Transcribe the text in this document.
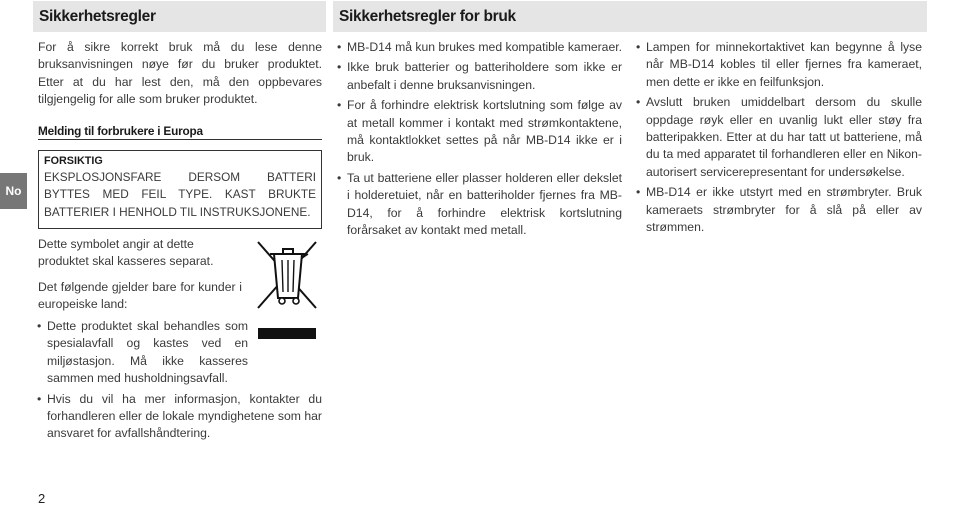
Sikkerhetsregler	Sikkerhetsregler for bruk
No

For å sikre korrekt bruk må du lese denne bruksanvisningen nøye før du bruker produktet. Etter at du har lest den, må den oppbevares tilgjengelig for alle som bruker produktet.

Melding til forbrukere i Europa
FORSIKTIG
EKSPLOSJONSFARE DERSOM BATTERI BYTTES MED FEIL TYPE. KAST BRUKTE BATTERIER I HENHOLD TIL INSTRUKSJONENE.

Dette symbolet angir at dette produktet skal kasseres separat.

Det følgende gjelder bare for kunder i europeiske land:

• Dette produktet skal behandles som spesialavfall og kastes ved en miljøstasjon. Må ikke kasseres sammen med husholdningsavfall.
• Hvis du vil ha mer informasjon, kontakter du forhandleren eller de lokale myndighetene som har ansvaret for avfallshåndtering.
• MB-D14 må kun brukes med kompatible kameraer.
• Ikke bruk batterier og batteriholdere som ikke er anbefalt i denne bruksanvisningen.
• For å forhindre elektrisk kortslutning som følge av at metall kommer i kontakt med strømkontaktene, må kontaktlokket settes på når MB-D14 ikke er i bruk.
• Ta ut batteriene eller plasser holderen eller dekslet i holderetuiet, når en batteriholder fjernes fra MB-D14, for å forhindre elektrisk kortslutning forårsaket av kontakt med metall.
• Lampen for minnekortaktivet kan begynne å lyse når MB-D14 kobles til eller fjernes fra kameraet, men dette er ikke en feilfunksjon.
• Avslutt bruken umiddelbart dersom du skulle oppdage røyk eller en uvanlig lukt eller støy fra batteripakken. Etter at du har tatt ut batteriene, må du ta med apparatet til forhandleren eller en Nikon-autorisert servicerepresentant for undersøkelse.
• MB-D14 er ikke utstyrt med en strømbryter. Bruk kameraets strømbryter for å slå på eller av strømmen.
2
